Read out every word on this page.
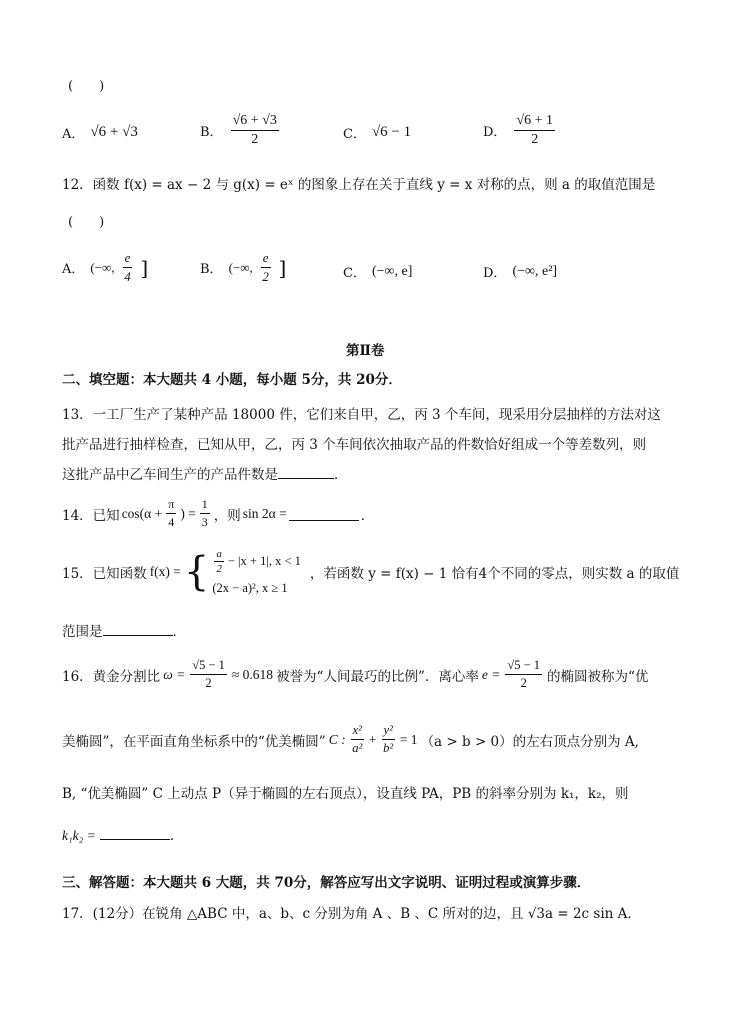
(　　)
A． √6 + √3	B． $\frac{√6 + √3}{2}$	C． √6 − 1	D． $\frac{√6 + 1}{2}$
12．函数 f(x) = ax − 2 与 g(x) = eˣ 的图象上存在关于直线 y = x 对称的点，则 a 的取值范围是
(　　)
A． (−∞, $\frac{e}{4}$ ]	B． (−∞, $\frac{e}{2}$ ]	C． (−∞, e]	D． (−∞, e²]
第Ⅱ卷
二、填空题：本大题共 4 小题，每小题 5分，共 20分．
13．一工厂生产了某种产品 18000 件，它们来自甲，乙，丙 3 个车间，现采用分层抽样的方法对这
批产品进行抽样检查，已知从甲，乙，丙 3 个车间依次抽取产品的件数恰好组成一个等差数列，则
这批产品中乙车间生产的产品件数是	．
14．已知 $\cos(\alpha + \frac{\pi}{4}$ ) = $\frac{1}{3}$ ，则 sin 2α =	．
15．已知函数 f(x) = { $\frac{a}{2} - |x + 1|$, x < 1
(2x − a)², x ≥ 1
，若函数 y = f(x) − 1 恰有4个不同的零点，则实数 a 的取值
范围是	．
16．黄金分割比 $\omega = \frac{√5 - 1}{2} \approx 0.618$ 被誉为“人间最巧的比例”．离心率 $e = \frac{√5 - 1}{2}$ 的椭圆被称为“优
美椭圆”，在平面直角坐标系中的“优美椭圆” C : $\frac{\text{x²}}{\text{a²}} + \frac{\text{y²}}{\text{b²}} = 1$ （a > b > 0）的左右顶点分别为 A,
B, “优美椭圆” C 上动点 P（异于椭圆的左右顶点），设直线 PA，PB 的斜率分别为 k₁，k₂，则
k₁k₂ =	．
三、解答题：本大题共 6 大题，共 70分，解答应写出文字说明、证明过程或演算步骤．
17．(12分）在锐角 △ABC 中，a、b、c 分别为角 A 、B 、C 所对的边，且 √3a = 2c sin A．
